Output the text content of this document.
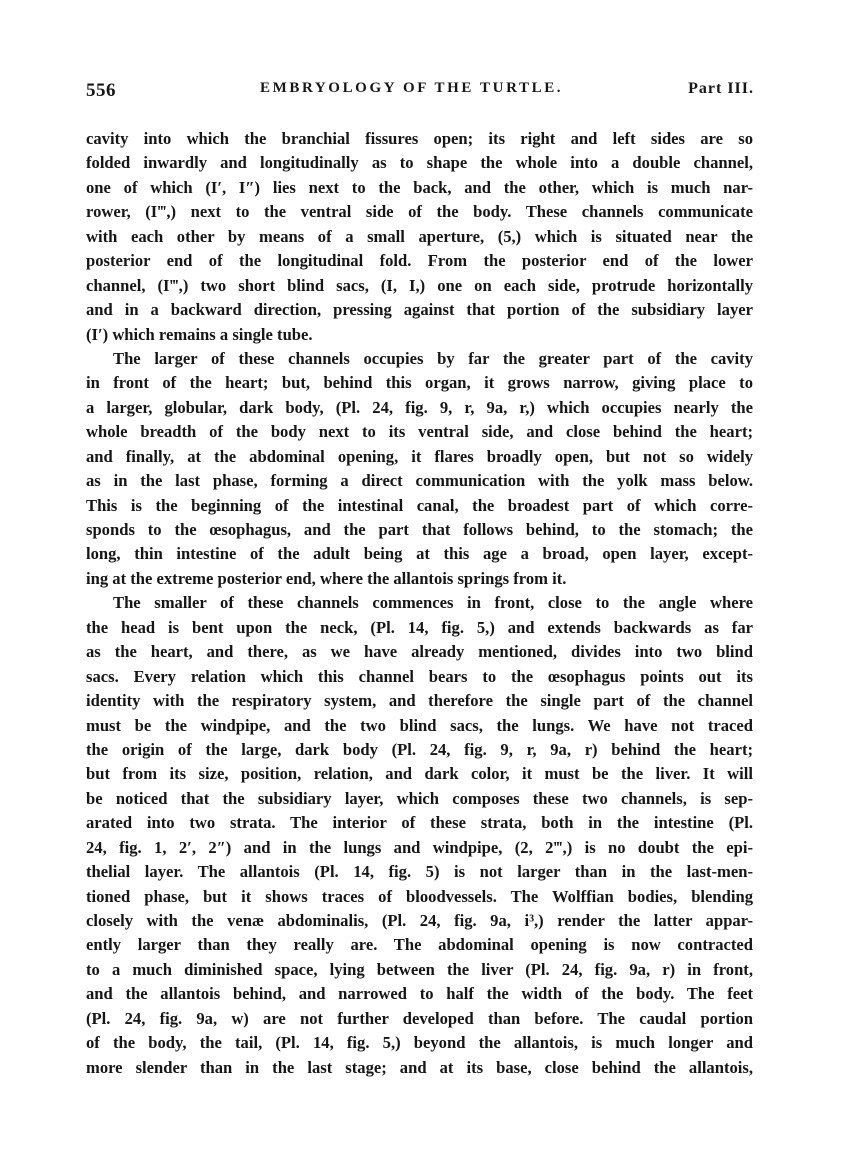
556	EMBRYOLOGY OF THE TURTLE.	Part III.
cavity into which the branchial fissures open; its right and left sides are so
folded inwardly and longitudinally as to shape the whole into a double channel,
one of which (I′, I″) lies next to the back, and the other, which is much nar-
rower, (I‴,) next to the ventral side of the body. These channels communicate
with each other by means of a small aperture, (5,) which is situated near the
posterior end of the longitudinal fold. From the posterior end of the lower
channel, (I‴,) two short blind sacs, (I, I,) one on each side, protrude horizontally
and in a backward direction, pressing against that portion of the subsidiary layer
(I′) which remains a single tube.
The larger of these channels occupies by far the greater part of the cavity
in front of the heart; but, behind this organ, it grows narrow, giving place to
a larger, globular, dark body, (Pl. 24, fig. 9, r, 9a, r,) which occupies nearly the
whole breadth of the body next to its ventral side, and close behind the heart;
and finally, at the abdominal opening, it flares broadly open, but not so widely
as in the last phase, forming a direct communication with the yolk mass below.
This is the beginning of the intestinal canal, the broadest part of which corre-
sponds to the œsophagus, and the part that follows behind, to the stomach; the
long, thin intestine of the adult being at this age a broad, open layer, except-
ing at the extreme posterior end, where the allantois springs from it.
The smaller of these channels commences in front, close to the angle where
the head is bent upon the neck, (Pl. 14, fig. 5,) and extends backwards as far
as the heart, and there, as we have already mentioned, divides into two blind
sacs. Every relation which this channel bears to the œsophagus points out its
identity with the respiratory system, and therefore the single part of the channel
must be the windpipe, and the two blind sacs, the lungs. We have not traced
the origin of the large, dark body (Pl. 24, fig. 9, r, 9a, r) behind the heart;
but from its size, position, relation, and dark color, it must be the liver. It will
be noticed that the subsidiary layer, which composes these two channels, is sep-
arated into two strata. The interior of these strata, both in the intestine (Pl.
24, fig. 1, 2′, 2″) and in the lungs and windpipe, (2, 2‴,) is no doubt the epi-
thelial layer. The allantois (Pl. 14, fig. 5) is not larger than in the last-men-
tioned phase, but it shows traces of bloodvessels. The Wolffian bodies, blending
closely with the venæ abdominalis, (Pl. 24, fig. 9a, i³,) render the latter appar-
ently larger than they really are. The abdominal opening is now contracted
to a much diminished space, lying between the liver (Pl. 24, fig. 9a, r) in front,
and the allantois behind, and narrowed to half the width of the body. The feet
(Pl. 24, fig. 9a, w) are not further developed than before. The caudal portion
of the body, the tail, (Pl. 14, fig. 5,) beyond the allantois, is much longer and
more slender than in the last stage; and at its base, close behind the allantois,
